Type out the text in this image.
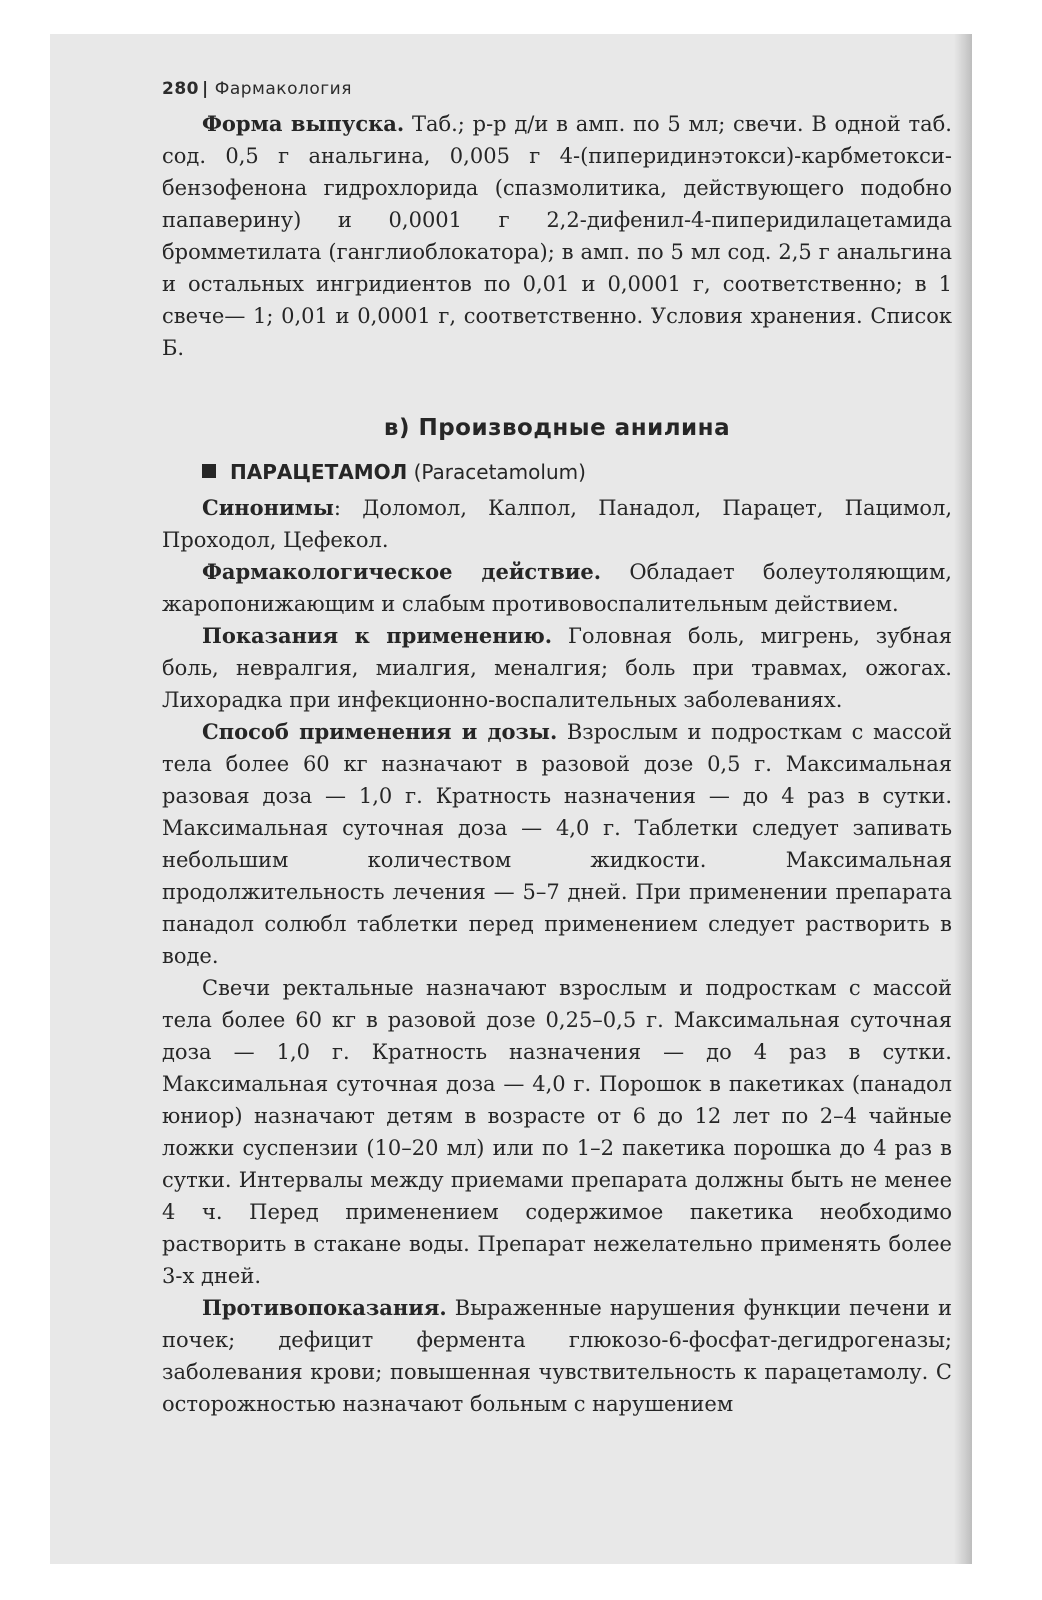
280 | Фармакология

Форма выпуска. Таб.; р-р д/и в амп. по 5 мл; свечи. В одной таб. сод. 0,5 г анальгина, 0,005 г 4-(пиперидинэтокси)-карбметокси-бензофенона гидрохлорида (спазмолитика, действующего подобно папаверину) и 0,0001 г 2,2-дифенил-4-пиперидилацетамида бромметилата (ганглиоблокатора); в амп. по 5 мл сод. 2,5 г анальгина и остальных ингридиентов по 0,01 и 0,0001 г, соответственно; в 1 свече— 1; 0,01 и 0,0001 г, соответственно. Условия хранения. Список Б.

в) Производные анилина
ПАРАЦЕТАМОЛ (Paracetamolum)

Синонимы: Доломол, Калпол, Панадол, Парацет, Пацимол, Проходол, Цефекол.

Фармакологическое действие. Обладает болеутоляющим, жаропонижающим и слабым противовоспалительным действием.

Показания к применению. Головная боль, мигрень, зубная боль, невралгия, миалгия, меналгия; боль при травмах, ожогах. Лихорадка при инфекционно-воспалительных заболеваниях.

Способ применения и дозы. Взрослым и подросткам с массой тела более 60 кг назначают в разовой дозе 0,5 г. Максимальная разовая доза — 1,0 г. Кратность назначения — до 4 раз в сутки. Максимальная суточная доза — 4,0 г. Таблетки следует запивать небольшим количеством жидкости. Максимальная продолжительность лечения — 5–7 дней. При применении препарата панадол солюбл таблетки перед применением следует растворить в воде.

Свечи ректальные назначают взрослым и подросткам с массой тела более 60 кг в разовой дозе 0,25–0,5 г. Максимальная суточная доза — 1,0 г. Кратность назначения — до 4 раз в сутки. Максимальная суточная доза — 4,0 г. Порошок в пакетиках (панадол юниор) назначают детям в возрасте от 6 до 12 лет по 2–4 чайные ложки суспензии (10–20 мл) или по 1–2 пакетика порошка до 4 раз в сутки. Интервалы между приемами препарата должны быть не менее 4 ч. Перед применением содержимое пакетика необходимо растворить в стакане воды. Препарат нежелательно применять более 3-х дней.

Противопоказания. Выраженные нарушения функции печени и почек; дефицит фермента глюкозо-6-фосфат-дегидрогеназы; заболевания крови; повышенная чувствительность к парацетамолу. С осторожностью назначают больным с нарушением
